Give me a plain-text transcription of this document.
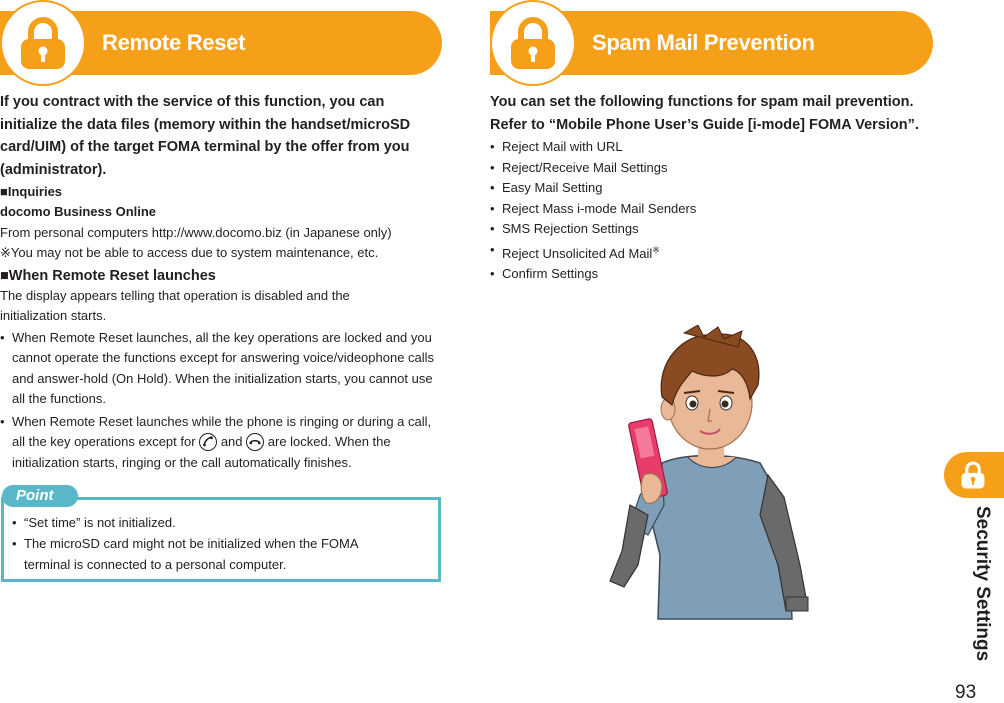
Remote Reset	Spam Mail Prevention
If you contract with the service of this function, you can initialize the data files (memory within the handset/microSD card/UIM) of the target FOMA terminal by the offer from you (administrator).
■Inquiries
docomo Business Online
From personal computers http://www.docomo.biz (in Japanese only)
※You may not be able to access due to system maintenance, etc.
■When Remote Reset launches
The display appears telling that operation is disabled and the initialization starts.
• When Remote Reset launches, all the key operations are locked and you cannot operate the functions except for answering voice/videophone calls and answer-hold (On Hold). When the initialization starts, you cannot use all the functions.
• When Remote Reset launches while the phone is ringing or during a call, all the key operations except for and are locked. When the initialization starts, ringing or the call automatically finishes.
Point
• “Set time” is not initialized.
• The microSD card might not be initialized when the FOMA terminal is connected to a personal computer.
You can set the following functions for spam mail prevention.
Refer to “Mobile Phone User’s Guide [i-mode] FOMA Version”.
• Reject Mail with URL
• Reject/Receive Mail Settings
• Easy Mail Setting
• Reject Mass i-mode Mail Senders
• SMS Rejection Settings
• Reject Unsolicited Ad Mail※
• Confirm Settings
Security Settings
93
